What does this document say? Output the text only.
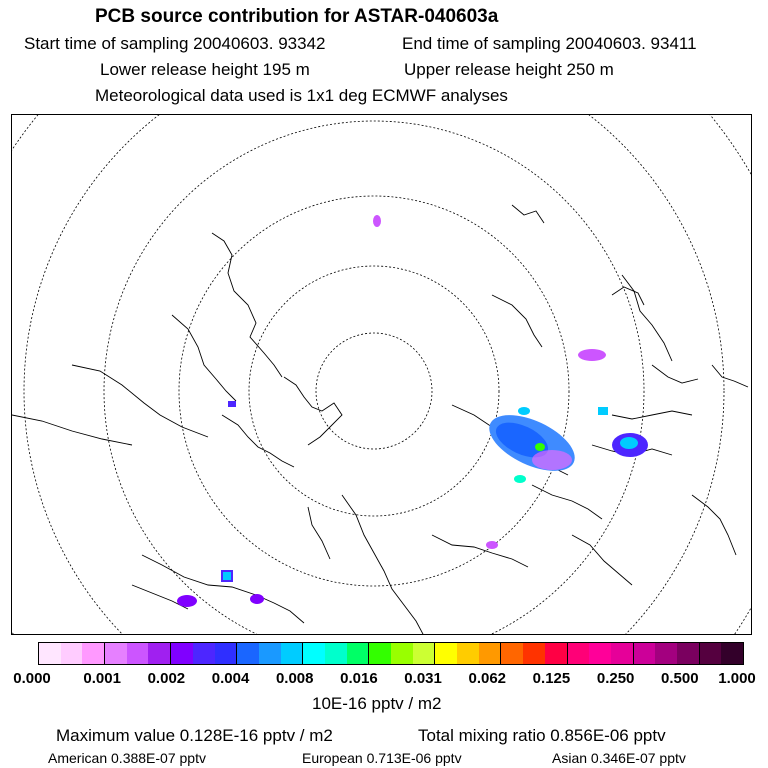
PCB source contribution for ASTAR-040603a
Start time of sampling 20040603. 93342	End time of sampling 20040603. 93411
Lower release height 195 m	Upper release height 250 m
Meteorological data used is 1x1 deg ECMWF analyses
0.000 0.001 0.002 0.004 0.008 0.016 0.031 0.062 0.125 0.250 0.500 1.000
10E-16 pptv / m2
Maximum value 0.128E-16 pptv / m2	Total mixing ratio 0.856E-06 pptv
American 0.388E-07 pptv	European 0.713E-06 pptv	Asian 0.346E-07 pptv
